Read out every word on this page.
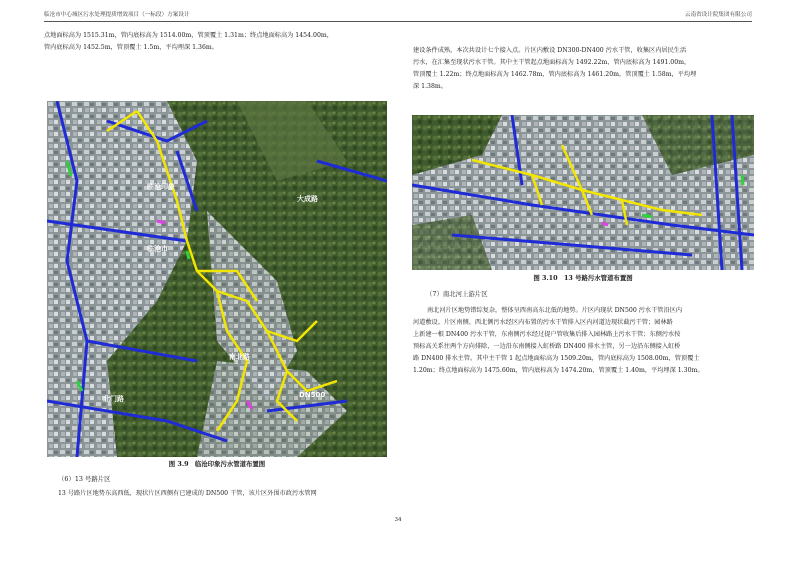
临沧市中心城区污水处理提质增效项目（一标段）方案设计	云南省设计院集团有限公司

点地面标高为 1515.31m，管内底标高为 1514.00m，管顶覆土 1.31m；终点地面标高为 1454.00m，

管内底标高为 1452.5m，管顶覆土 1.5m，平均埋深 1.36m。

临沧印象
大成路
临沧市
南北路
北门路	DN500
图 3.9　临沧印象污水管道布置图
（6）13 号路片区

13 号路片区地势东高西低，现状片区西侧有已建成的 DN500 干管，该片区外围市政污水管网

建设条件成熟，本次共设计七个接入点。片区内敷设 DN300-DN400 污水干管，收集区内居民生活

污水，在汇集至现状污水干管。其中主干管起点地面标高为 1492.22m，管内底标高为 1491.00m，

管顶覆土 1.22m；终点地面标高为 1462.78m，管内底标高为 1461.20m，管顶覆土 1.58m，平均埋

深 1.38m。

图 3.10　13 号路污水管道布置图
（7）南北河上游片区

南北河片区地势错综复杂，整体呈西南高东北低的地势。片区内现状 DN500 污水干管沿区内

河道敷设。片区南侧、西北侧污水经区内布置的污水干管排入区内河道边现状截污干管；园林路

上新建一根 DN400 污水干管，东南侧污水经过提户管收集后排入园林路上污水干管；东侧污水按

预标高关系往两个方向排除，一边沿东南侧接入虹桥路 DN400 排水主管，另一边沿东侧接入虹桥

路 DN400 排水主管。其中主干管 1 起点地面标高为 1509.20m，管内底标高为 1508.00m，管顶覆土

1.20m；终点地面标高为 1475.60m，管内底标高为 1474.20m，管顶覆土 1.40m，平均埋深 1.30m。

34
